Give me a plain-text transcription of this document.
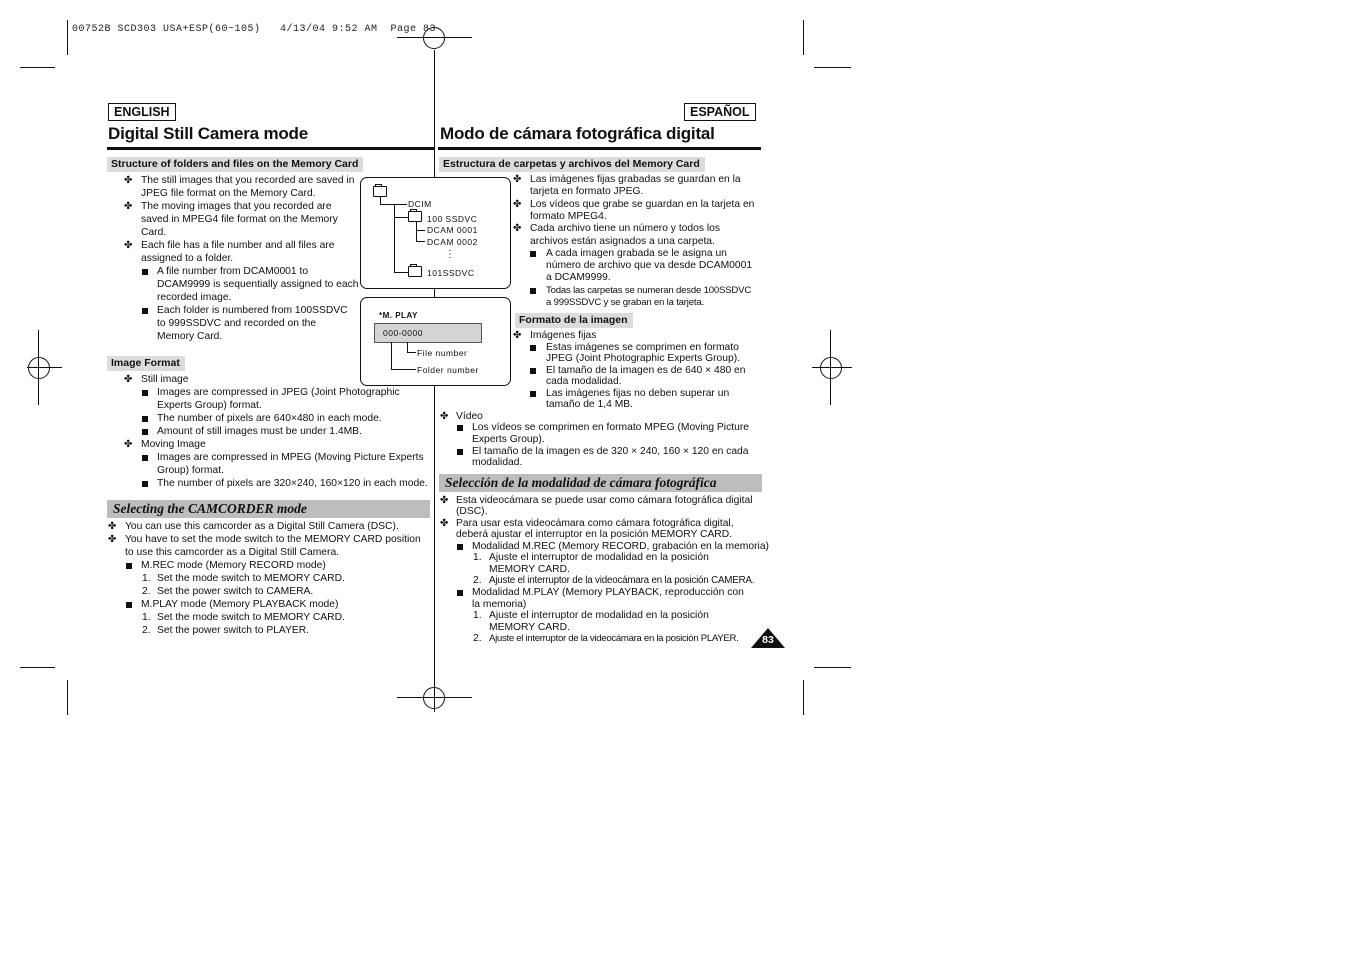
00752B SCD303 USA+ESP(60~105)   4/13/04 9:52 AM  Page 83
ENGLISH	ESPAÑOL
Digital Still Camera mode	Modo de cámara fotográfica digital
Structure of folders and files on the Memory Card
✤ The still images that you recorded are saved in
JPEG file format on the Memory Card.
✤ The moving images that you recorded are
saved in MPEG4 file format on the Memory
Card.
✤ Each file has a file number and all files are
assigned to a folder.
A file number from DCAM0001 to
DCAM9999 is sequentially assigned to each
recorded image.
Each folder is numbered from 100SSDVC
to 999SSDVC and recorded on the
Memory Card.
Image Format
✤ Still image
Images are compressed in JPEG (Joint Photographic
Experts Group) format.
The number of pixels are 640×480 in each mode.
Amount of still images must be under 1.4MB.
✤ Moving Image
Images are compressed in MPEG (Moving Picture Experts
Group) format.
The number of pixels are 320×240, 160×120 in each mode.
Selecting the CAMCORDER mode
✤ You can use this camcorder as a Digital Still Camera (DSC).
✤ You have to set the mode switch to the MEMORY CARD position
to use this camcorder as a Digital Still Camera.
M.REC mode (Memory RECORD mode)
1. Set the mode switch to MEMORY CARD.
2. Set the power switch to CAMERA.
M.PLAY mode (Memory PLAYBACK mode)
1. Set the mode switch to MEMORY CARD.
2. Set the power switch to PLAYER.
DCIM
100 SSDVC
DCAM 0001
DCAM 0002
⋮
101SSDVC
*M. PLAY
000-0000
File number
Folder number
Estructura de carpetas y archivos del Memory Card
✤ Las imágenes fijas grabadas se guardan en la
tarjeta en formato JPEG.
✤ Los vídeos que grabe se guardan en la tarjeta en
formato MPEG4.
✤ Cada archivo tiene un número y todos los
archivos están asignados a una carpeta.
A cada imagen grabada se le asigna un
número de archivo que va desde DCAM0001
a DCAM9999.
Todas las carpetas se numeran desde 100SSDVC
a 999SSDVC y se graban en la tarjeta.
Formato de la imagen
✤ Imágenes fijas
Estas imágenes se comprimen en formato
JPEG (Joint Photographic Experts Group).
El tamaño de la imagen es de 640 × 480 en
cada modalidad.
Las imágenes fijas no deben superar un
tamaño de 1,4 MB.
✤ Vídeo
Los vídeos se comprimen en formato MPEG (Moving Picture
Experts Group).
El tamaño de la imagen es de 320 × 240, 160 × 120 en cada
modalidad.
Selección de la modalidad de cámara fotográfica
✤ Esta videocámara se puede usar como cámara fotográfica digital
(DSC).
✤ Para usar esta videocámara como cámara fotográfica digital,
deberá ajustar el interruptor en la posición MEMORY CARD.
Modalidad M.REC (Memory RECORD, grabación en la memoria)
1. Ajuste el interruptor de modalidad en la posición
MEMORY CARD.
2. Ajuste el interruptor de la videocámara en la posición CAMERA.
Modalidad M.PLAY (Memory PLAYBACK, reproducción con
la memoria)
1. Ajuste el interruptor de modalidad en la posición
MEMORY CARD.
2. Ajuste el interruptor de la videocámara en la posición PLAYER. 83
